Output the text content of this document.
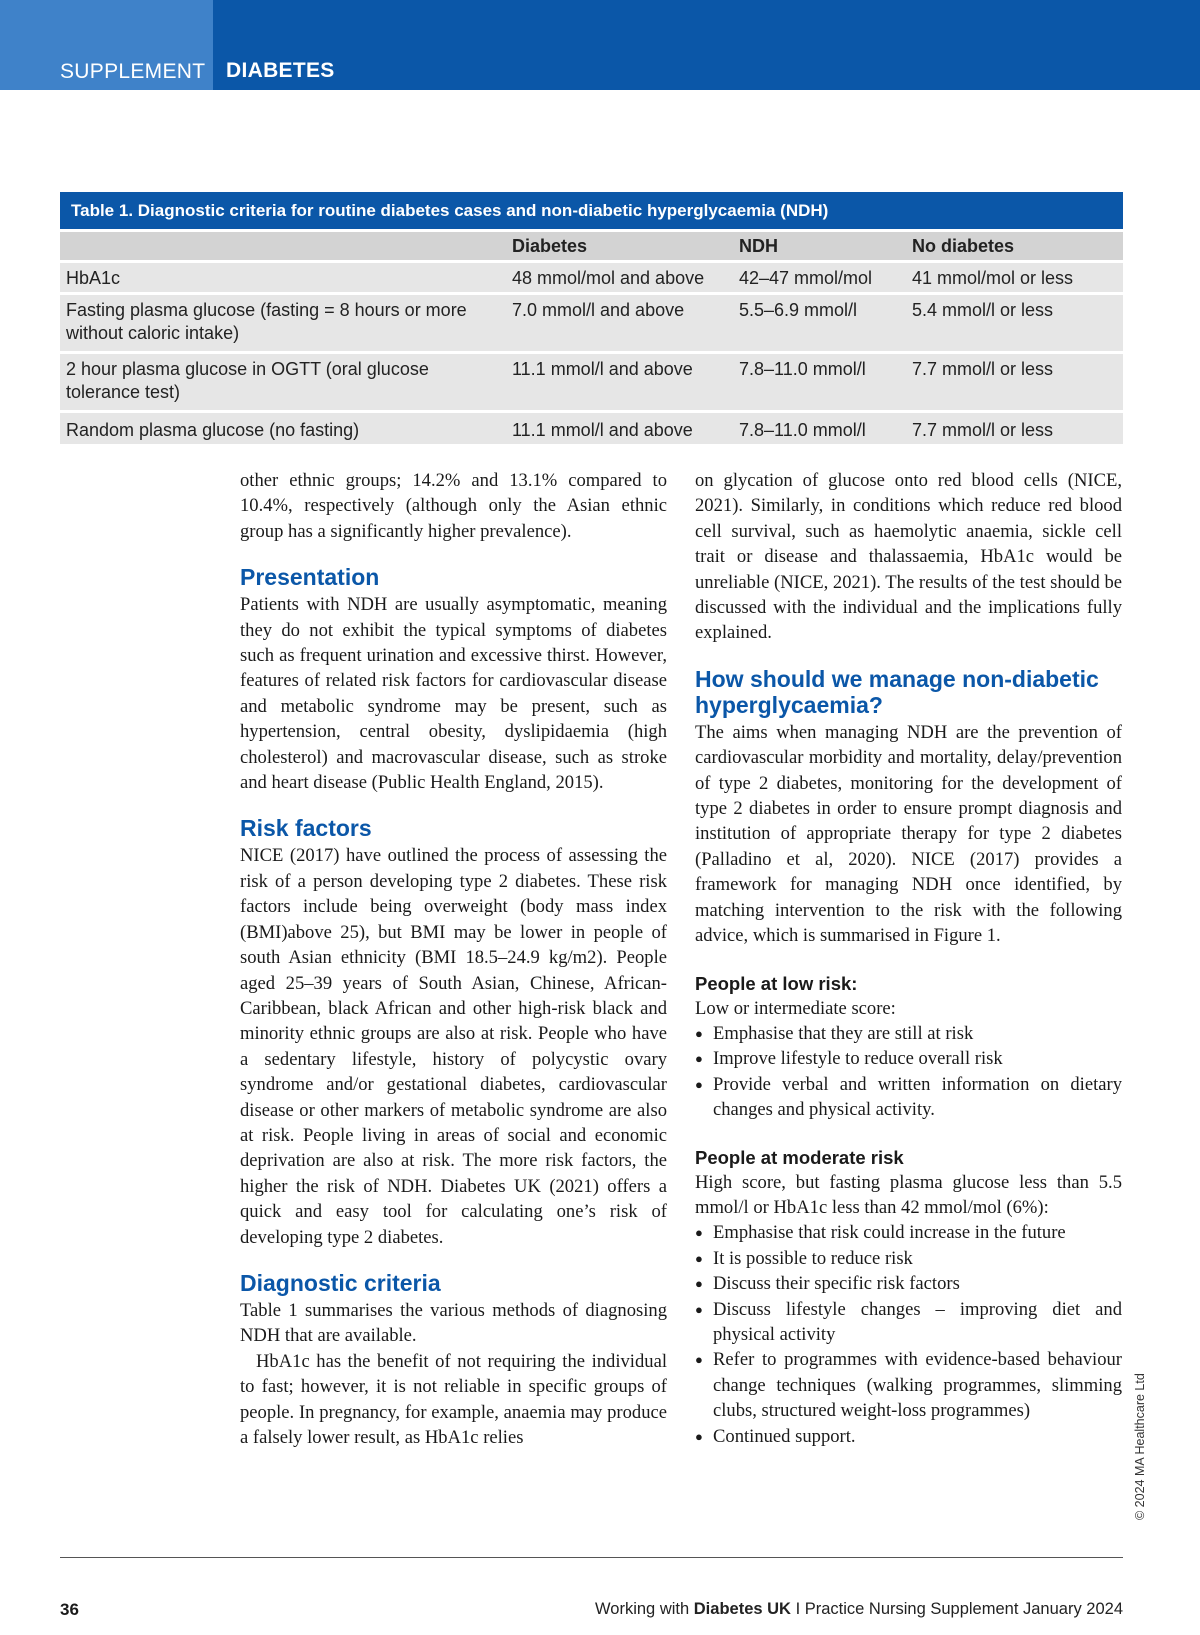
SUPPLEMENT DIABETES
Table 1. Diagnostic criteria for routine diabetes cases and non-diabetic hyperglycaemia (NDH)
	Diabetes	NDH	No diabetes
HbA1c	48 mmol/mol and above	42–47 mmol/mol	41 mmol/mol or less
Fasting plasma glucose (fasting = 8 hours or more without caloric intake)	7.0 mmol/l and above	5.5–6.9 mmol/l	5.4 mmol/l or less
2 hour plasma glucose in OGTT (oral glucose tolerance test)	11.1 mmol/l and above	7.8–11.0 mmol/l	7.7 mmol/l or less
Random plasma glucose (no fasting)	11.1 mmol/l and above	7.8–11.0 mmol/l	7.7 mmol/l or less

other ethnic groups; 14.2% and 13.1% compared to 10.4%, respectively (although only the Asian ethnic group has a significantly higher prevalence).

Presentation

Patients with NDH are usually asymptomatic, meaning they do not exhibit the typical symptoms of diabetes such as frequent urination and excessive thirst. However, features of related risk factors for cardiovascular disease and metabolic syndrome may be present, such as hypertension, central obesity, dyslipidaemia (high cholesterol) and macrovascular disease, such as stroke and heart disease (Public Health England, 2015).

Risk factors

NICE (2017) have outlined the process of assessing the risk of a person developing type 2 diabetes. These risk factors include being overweight (body mass index (BMI)above 25), but BMI may be lower in people of south Asian ethnicity (BMI 18.5–24.9 kg/m2). People aged 25–39 years of South Asian, Chinese, African-Caribbean, black African and other high-risk black and minority ethnic groups are also at risk. People who have a sedentary lifestyle, history of polycystic ovary syndrome and/or gestational diabetes, cardiovascular disease or other markers of metabolic syndrome are also at risk. People living in areas of social and economic deprivation are also at risk. The more risk factors, the higher the risk of NDH. Diabetes UK (2021) offers a quick and easy tool for calculating one’s risk of developing type 2 diabetes.

Diagnostic criteria

Table 1 summarises the various methods of diagnosing NDH that are available.

HbA1c has the benefit of not requiring the individual to fast; however, it is not reliable in specific groups of people. In pregnancy, for example, anaemia may produce a falsely lower result, as HbA1c relies

on glycation of glucose onto red blood cells (NICE, 2021). Similarly, in conditions which reduce red blood cell survival, such as haemolytic anaemia, sickle cell trait or disease and thalassaemia, HbA1c would be unreliable (NICE, 2021). The results of the test should be discussed with the individual and the implications fully explained.

How should we manage non-diabetic hyperglycaemia?

The aims when managing NDH are the prevention of cardiovascular morbidity and mortality, delay/prevention of type 2 diabetes, monitoring for the development of type 2 diabetes in order to ensure prompt diagnosis and institution of appropriate therapy for type 2 diabetes (Palladino et al, 2020). NICE (2017) provides a framework for managing NDH once identified, by matching intervention to the risk with the following advice, which is summarised in Figure 1.

People at low risk:

Low or intermediate score:

● Emphasise that they are still at risk
● Improve lifestyle to reduce overall risk
● Provide verbal and written information on dietary changes and physical activity.
People at moderate risk

High score, but fasting plasma glucose less than 5.5 mmol/l or HbA1c less than 42 mmol/mol (6%):

● Emphasise that risk could increase in the future
● It is possible to reduce risk
● Discuss their specific risk factors
● Discuss lifestyle changes – improving diet and physical activity
● Refer to programmes with evidence-based behaviour change techniques (walking programmes, slimming clubs, structured weight-loss programmes)
● Continued support.	© 2024 MA Healthcare Ltd
36	Working with Diabetes UK I Practice Nursing Supplement January 2024
